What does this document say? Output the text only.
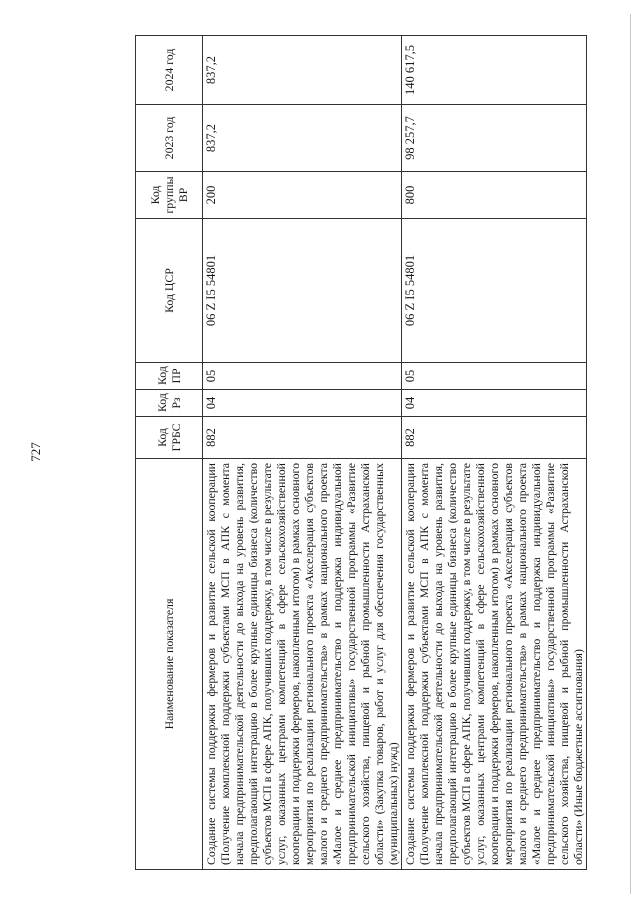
727
Наименование показателя	Код ГРБС	Код Рз	Код ПР	Код ЦСР	Код группы ВР	2023 год	2024 год
Создание системы поддержки фермеров и развитие сельской кооперации (Получение комплексной поддержки субъектами МСП в АПК с момента начала предпринимательской деятельности до выхода на уровень развития, предполагающий интеграцию в более крупные единицы бизнеса (количество субъектов МСП в сфере АПК, получивших поддержку, в том числе в результате услуг, оказанных центрами компетенций в сфере сельскохозяйственной кооперации и поддержки фермеров, накопленным итогом) в рамках основного мероприятия по реализации регионального проекта «Акселерация субъектов малого и среднего предпринимательства» в рамках национального проекта «Малое и среднее предпринимательство и поддержка индивидуальной предпринимательской инициативы» государственной программы «Развитие сельского хозяйства, пищевой и рыбной промышленности Астраханской области» (Закупка товаров, работ и услуг для обеспечения государственных (муниципальных) нужд)	882	04	05	06 Z I5 54801	200	837,2	837,2
Создание системы поддержки фермеров и развитие сельской кооперации (Получение комплексной поддержки субъектами МСП в АПК с момента начала предпринимательской деятельности до выхода на уровень развития, предполагающий интеграцию в более крупные единицы бизнеса (количество субъектов МСП в сфере АПК, получивших поддержку, в том числе в результате услуг, оказанных центрами компетенций в сфере сельскохозяйственной кооперации и поддержки фермеров, накопленным итогом) в рамках основного мероприятия по реализации регионального проекта «Акселерация субъектов малого и среднего предпринимательства» в рамках национального проекта «Малое и среднее предпринимательство и поддержка индивидуальной предпринимательской инициативы» государственной программы «Развитие сельского хозяйства, пищевой и рыбной промышленности Астраханской области» (Иные бюджетные ассигнования)	882	04	05	06 Z I5 54801	800	98 257,7	140 617,5
